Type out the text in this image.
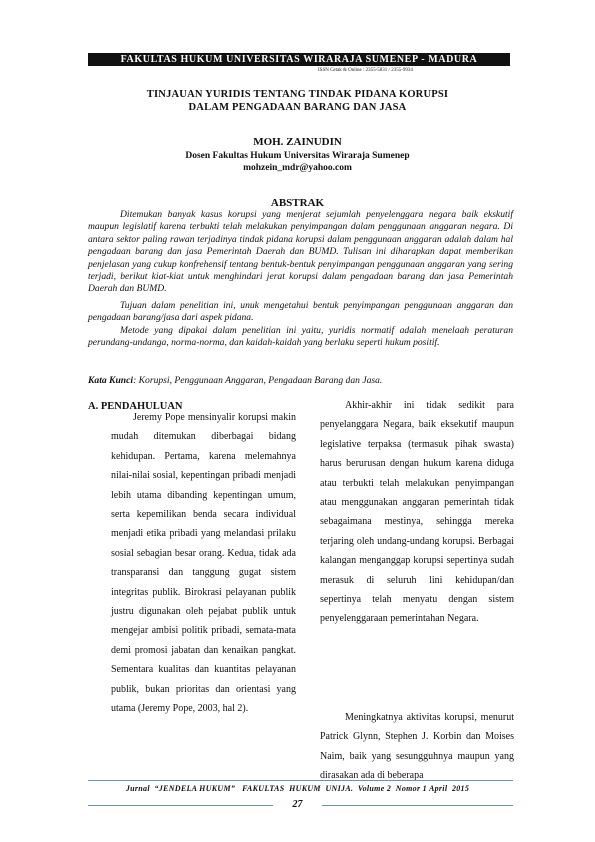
FAKULTAS HUKUM UNIVERSITAS WIRARAJA SUMENEP - MADURA
ISSN Cetak & Online : 2355-5831 / 2355-9934
TINJAUAN YURIDIS TENTANG TINDAK PIDANA KORUPSI
DALAM PENGADAAN BARANG DAN JASA
MOH. ZAINUDIN
Dosen Fakultas Hukum Universitas Wiraraja Sumenep
mohzein_mdr@yahoo.com
ABSTRAK

Ditemukan banyak kasus korupsi yang menjerat sejumlah penyelenggara negara baik ekskutif maupun legislatif karena terbukti telah melakukan penyimpangan dalam penggunaan anggaran negara. Di antara sektor paling rawan terjadinya tindak pidana korupsi dalam penggunaan anggaran adalah dalam hal pengadaan barang dan jasa Pemerintah Daerah dan BUMD. Tulisan ini diharapkan dapat memberikan penjelasan yang cukup konfrehensif tentang bentuk-bentuk penyimpangan penggunaan anggaran yang sering terjadi, berikut kiat-kiat untuk menghindari jerat korupsi dalam pengadaan barang dan jasa Pemerintah Daerah dan BUMD.

Tujuan dalam penelitian ini, unuk mengetahui bentuk penyimpangan penggunaan anggaran dan pengadaan barang/jasa dari aspek pidana.

Metode yang dipakai dalam penelitian ini yaitu, yuridis normatif adalah menelaah peraturan perundang-undanga, norma-norma, dan kaidah-kaidah yang berlaku seperti hukum positif.

Kata Kunci: Korupsi, Penggunaan Anggaran, Pengadaan Barang dan Jasa.
A. PENDAHULUAN

Jeremy Pope mensinyalir korupsi makin mudah ditemukan diberbagai bidang kehidupan. Pertama, karena melemahnya nilai-nilai sosial, kepentingan pribadi menjadi lebih utama dibanding kepentingan umum, serta kepemilikan benda secara individual menjadi etika pribadi yang melandasi prilaku sosial sebagian besar orang. Kedua, tidak ada transparansi dan tanggung gugat sistem integritas publik. Birokrasi pelayanan publik justru digunakan oleh pejabat publik untuk mengejar ambisi politik pribadi, semata-mata demi promosi jabatan dan kenaikan pangkat. Sementara kualitas dan kuantitas pelayanan publik, bukan prioritas dan orientasi yang utama (Jeremy Pope, 2003, hal 2).

Akhir-akhir ini tidak sedikit para penyelanggara Negara, baik eksekutif maupun legislative terpaksa (termasuk pihak swasta) harus berurusan dengan hukum karena diduga atau terbukti telah melakukan penyimpangan atau menggunakan anggaran pemerintah tidak sebagaimana mestinya, sehingga mereka terjaring oleh undang-undang korupsi. Berbagai kalangan menganggap korupsi sepertinya sudah merasuk di seluruh lini kehidupan/dan sepertinya telah menyatu dengan sistem penyelenggaraan pemerintahan Negara.

Meningkatnya aktivitas korupsi, menurut Patrick Glynn, Stephen J. Korbin dan Moises Naim, baik yang sesungguhnya maupun yang dirasakan ada di beberapa

Jurnal  “JENDELA HUKUM”   FAKULTAS  HUKUM  UNIJA.  Volume 2  Nomor 1 April  2015
27
